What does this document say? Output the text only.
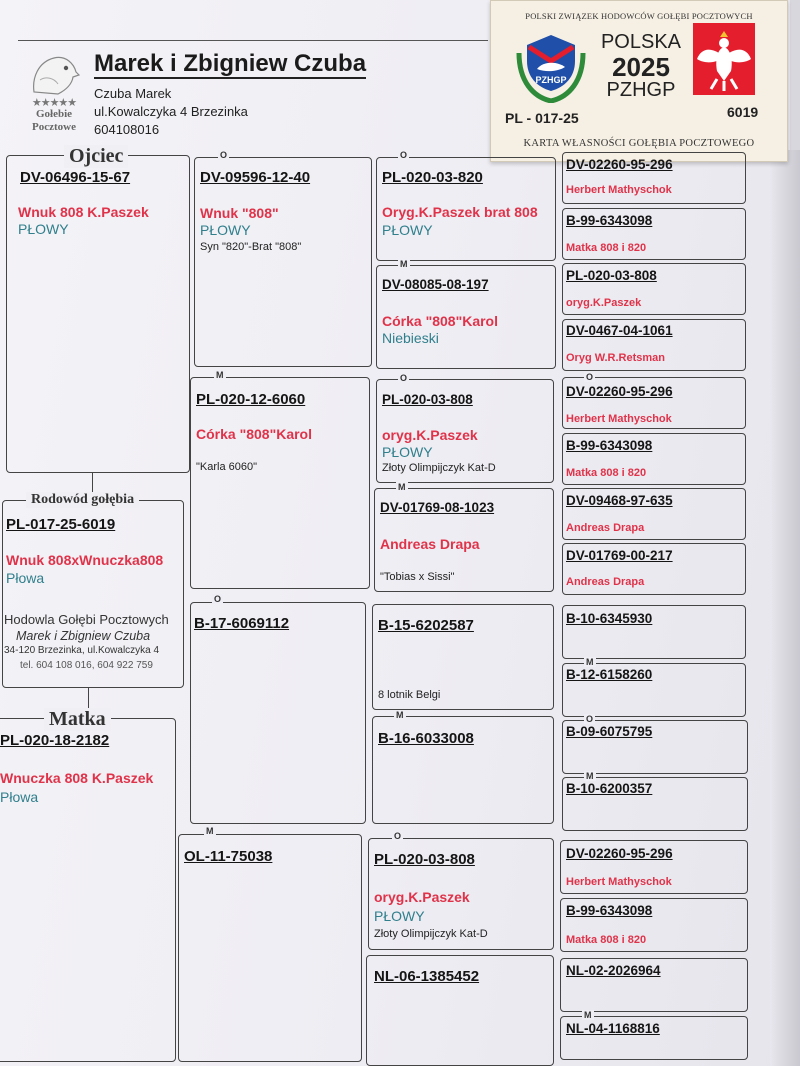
★★★★★
Gołebie
Pocztowe
Marek i Zbigniew Czuba
Czuba Marek
ul.Kowalczyka 4 Brzezinka
604108016
POLSKI ZWIĄZEK HODOWCÓW GOŁĘBI POCZTOWYCH
PZHGP
POLSKA
2025
PZHGP
PL - 017-25	6019
KARTA WŁASNOŚCI GOŁĘBIA POCZTOWEGO
Ojciec
DV-06496-15-67
Wnuk 808 K.Paszek
PŁOWY
Rodowód gołębia
PL-017-25-6019
Wnuk 808xWnuczka808
Płowa
Hodowla Gołębi Pocztowych
Marek i Zbigniew Czuba
34-120 Brzezinka, ul.Kowalczyka 4
tel. 604 108 016, 604 922 759
Matka
PL-020-18-2182
Wnuczka 808 K.Paszek
Płowa
O
DV-09596-12-40
Wnuk "808"
PŁOWY
Syn "820"-Brat "808"
M
PL-020-12-6060
Córka "808"Karol
"Karla 6060"
O
B-17-6069112
M
OL-11-75038
O
PL-020-03-820
Oryg.K.Paszek brat 808
PŁOWY
M
DV-08085-08-197
Córka "808"Karol
Niebieski
O
PL-020-03-808
oryg.K.Paszek
PŁOWY
Złoty Olimpijczyk Kat-D
M
DV-01769-08-1023
Andreas Drapa
"Tobias x Sissi"
B-15-6202587
8 lotnik Belgi
M
B-16-6033008
O
PL-020-03-808
oryg.K.Paszek
PŁOWY
Złoty Olimpijczyk Kat-D
NL-06-1385452
DV-02260-95-296
Herbert Mathyschok
B-99-6343098
Matka 808 i 820
PL-020-03-808
oryg.K.Paszek
DV-0467-04-1061
Oryg W.R.Retsman
O
DV-02260-95-296
Herbert Mathyschok
B-99-6343098
Matka 808 i 820
DV-09468-97-635
Andreas Drapa
DV-01769-00-217
Andreas Drapa
B-10-6345930
M
B-12-6158260
O
B-09-6075795
M
B-10-6200357
DV-02260-95-296
Herbert Mathyschok
B-99-6343098
Matka 808 i 820
NL-02-2026964
M
NL-04-1168816
